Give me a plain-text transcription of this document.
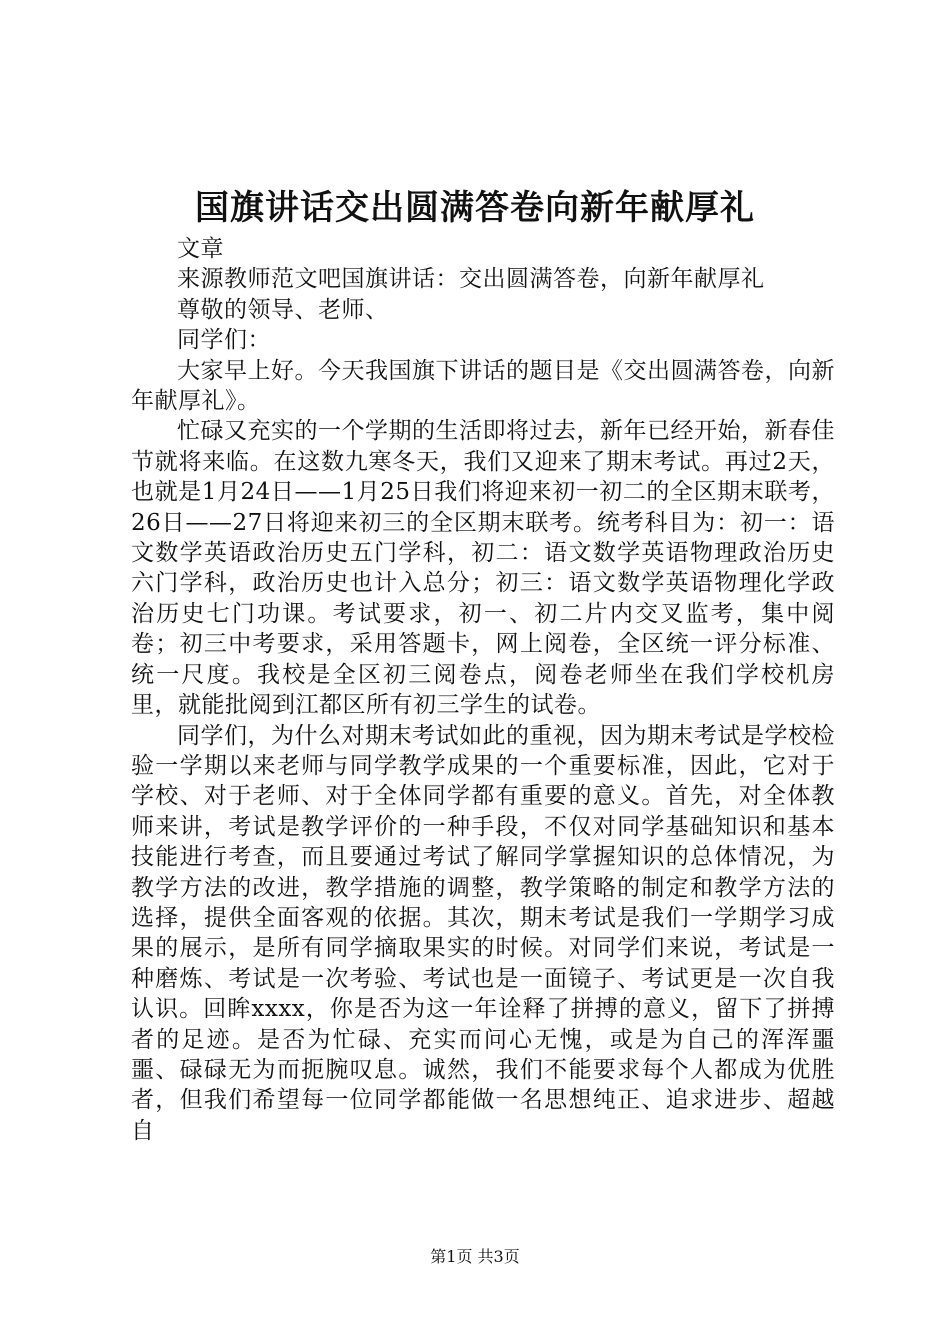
国旗讲话交出圆满答卷向新年献厚礼

文章

来源教师范文吧国旗讲话：交出圆满答卷，向新年献厚礼

尊敬的领导、老师、

同学们：

大家早上好。今天我国旗下讲话的题目是《交出圆满答卷，向新年献厚礼》。

忙碌又充实的一个学期的生活即将过去，新年已经开始，新春佳节就将来临。在这数九寒冬天，我们又迎来了期末考试。再过2天，也就是1月24日——1月25日我们将迎来初一初二的全区期末联考，26日——27日将迎来初三的全区期末联考。统考科目为：初一：语文数学英语政治历史五门学科，初二：语文数学英语物理政治历史六门学科，政治历史也计入总分；初三：语文数学英语物理化学政治历史七门功课。考试要求，初一、初二片内交叉监考，集中阅卷；初三中考要求，采用答题卡，网上阅卷，全区统一评分标准、统一尺度。我校是全区初三阅卷点，阅卷老师坐在我们学校机房里，就能批阅到江都区所有初三学生的试卷。

同学们，为什么对期末考试如此的重视，因为期末考试是学校检验一学期以来老师与同学教学成果的一个重要标准，因此，它对于学校、对于老师、对于全体同学都有重要的意义。首先，对全体教师来讲，考试是教学评价的一种手段，不仅对同学基础知识和基本技能进行考查，而且要通过考试了解同学掌握知识的总体情况，为教学方法的改进，教学措施的调整，教学策略的制定和教学方法的选择，提供全面客观的依据。其次，期末考试是我们一学期学习成果的展示，是所有同学摘取果实的时候。对同学们来说，考试是一种磨炼、考试是一次考验、考试也是一面镜子、考试更是一次自我认识。回眸xxxx，你是否为这一年诠释了拼搏的意义，留下了拼搏者的足迹。是否为忙碌、充实而问心无愧，或是为自己的浑浑噩噩、碌碌无为而扼腕叹息。诚然，我们不能要求每个人都成为优胜者，但我们希望每一位同学都能做一名思想纯正、追求进步、超越自

第1页 共3页
